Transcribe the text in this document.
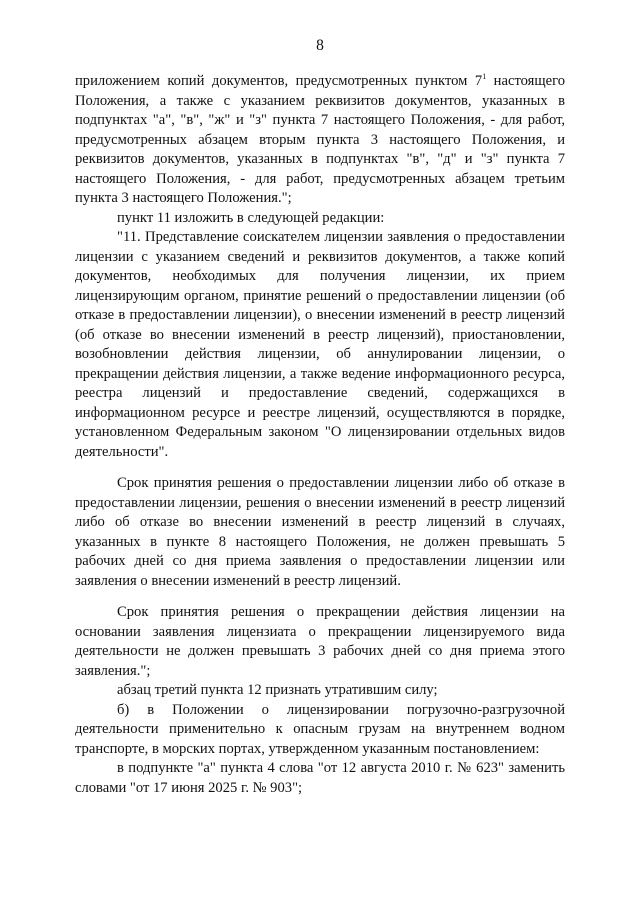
8

приложением копий документов, предусмотренных пунктом $7^1$ настоящего Положения, а также с указанием реквизитов документов, указанных в подпунктах "а", "в", "ж" и "з" пункта 7 настоящего Положения, - для работ, предусмотренных абзацем вторым пункта 3 настоящего Положения, и реквизитов документов, указанных в подпунктах "в", "д" и "з" пункта 7 настоящего Положения, - для работ, предусмотренных абзацем третьим пункта 3 настоящего Положения.";

пункт 11 изложить в следующей редакции:

"11. Представление соискателем лицензии заявления о предоставлении лицензии с указанием сведений и реквизитов документов, а также копий документов, необходимых для получения лицензии, их прием лицензирующим органом, принятие решений о предоставлении лицензии (об отказе в предоставлении лицензии), о внесении изменений в реестр лицензий (об отказе во внесении изменений в реестр лицензий), приостановлении, возобновлении действия лицензии, об аннулировании лицензии, о прекращении действия лицензии, а также ведение информационного ресурса, реестра лицензий и предоставление сведений, содержащихся в информационном ресурсе и реестре лицензий, осуществляются в порядке, установленном Федеральным законом "О лицензировании отдельных видов деятельности".

Срок принятия решения о предоставлении лицензии либо об отказе в предоставлении лицензии, решения о внесении изменений в реестр лицензий либо об отказе во внесении изменений в реестр лицензий в случаях, указанных в пункте 8 настоящего Положения, не должен превышать 5 рабочих дней со дня приема заявления о предоставлении лицензии или заявления о внесении изменений в реестр лицензий.

Срок принятия решения о прекращении действия лицензии на основании заявления лицензиата о прекращении лицензируемого вида деятельности не должен превышать 3 рабочих дней со дня приема этого заявления.";

абзац третий пункта 12 признать утратившим силу;

б) в Положении о лицензировании погрузочно-разгрузочной деятельности применительно к опасным грузам на внутреннем водном транспорте, в морских портах, утвержденном указанным постановлением:

в подпункте "а" пункта 4 слова "от 12 августа 2010 г. № 623" заменить словами "от 17 июня 2025 г. № 903";
